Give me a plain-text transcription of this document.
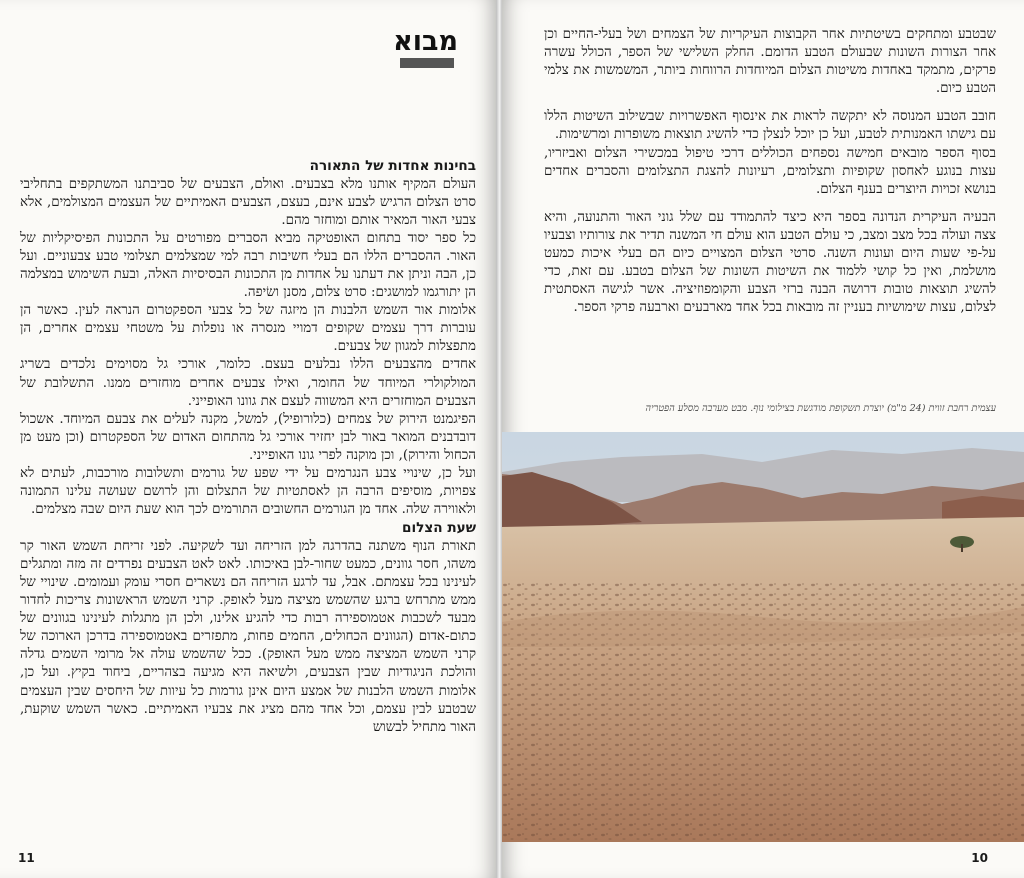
מבוא
בחינות אחדות של התאורה

העולם המקיף אותנו מלא בצבעים. ואולם, הצבעים של סביבתנו המשתקפים בתחליבי סרט הצלום הרגיש לצבע אינם, בעצם, הצבעים האמיתיים של העצמים המצולמים, אלא צבעי האור המאיר אותם ומוחזר מהם.

כל ספר יסוד בתחום האופטיקה מביא הסברים מפורטים על התכונות הפיסיקליות של האור. ההסברים הללו הם בעלי חשיבות רבה למי שמצלמים תצלומי טבע צבעוניים. ועל כן, הבה וניתן את דעתנו על אחדות מן התכונות הבסיסיות האלה, ובעת השימוש במצלמה הן יתורגמו למושגים: סרט צלום, מסנן ושׂיפה.

אלומות אור השמש הלבנות הן מיזגה של כל צבעי הספקטרום הנראה לעין. כאשר הן עוברות דרך עצמים שקופים דמויי מנסרה או נופלות על משטחי עצמים אחרים, הן מתפצלות למגוון של צבעים.

אחדים מהצבעים הללו נבלעים בעצם. כלומר, אורכי גל מסוימים נלכדים בשריג המולקולרי המיוחד של החומר, ואילו צבעים אחרים מוחזרים ממנו. התשלובת של הצבעים המוחזרים היא המשווה לעצם את גוונו האופייני.

הפיגמנט הירוק של צמחים (כלורופיל), למשל, מקנה לעלים את צבעם המיוחד. אשכול דובדבנים המואר באור לבן יחזיר אורכי גל מהתחום האדום של הספקטרום (וכן מעט מן הכחול והירוק), וכן מוקנה לפרי גונו האופייני.

ועל כן, שינויי צבע הנגרמים על ידי שפע של גורמים ותשלובות מורכבות, לעתים לא צפויות, מוסיפים הרבה הן לאסתטיות של התצלום והן לרושם שעושה עלינו התמונה ולאווירה שלה. אחד מן הגורמים החשובים התורמים לכך הוא שעת היום שבה מצלמים.

שעת הצלום

תאורת הנוף משתנה בהדרגה למן הזריחה ועד לשקיעה. לפני זריחת השמש האור קר משהו, חסר גוונים, כמעט שחור-לבן באיכותו. לאט לאט הצבעים נפרדים זה מזה ומתגלים לעינינו בכל עצמתם. אבל, עד לרגע הזריחה הם נשארים חסרי עומק ועמומים. שינויי של ממש מתרחש ברגע שהשמש מציצה מעל לאופק. קרני השמש הראשונות צריכות לחדור מבעד לשכבות אטמוספירה רבות כדי להגיע אלינו, ולכן הן מתגלות לעינינו בגוונים של כתום-אדום (הגוונים הכחולים, החמים פחות, מתפזרים באטמוספירה בדרכן הארוכה של קרני השמש המציצה ממש מעל האופק). ככל שהשמש עולה אל מרומי השמים גדלה והולכת הניגודיות שבין הצבעים, ולשיאה היא מגיעה בצהריים, ביחוד בקיץ. ועל כן, אלומות השמש הלבנות של אמצע היום אינן גורמות כל עיוות של היחסים שבין העצמים שבטבע לבין עצמם, וכל אחד מהם מציג את צבעיו האמיתיים. כאשר השמש שוקעת, האור מתחיל לבשוש

11

שבטבע ומתחקים בשיטתיות אחר הקבוצות העיקריות של הצמחים ושל בעלי-החיים וכן אחר הצורות השונות שבעולם הטבע הדומם. החלק השלישי של הספר, הכולל עשרה פרקים, מתמקד באחדות משיטות הצלום המיוחדות הרווחות ביותר, המשמשות את צלמי הטבע כיום.

חובב הטבע המנוסה לא יתקשה לראות את אינסוף האפשרויות שבשילוב השיטות הללו עם גישתו האמנותית לטבע, ועל כן יוכל לנצלן כדי להשיג תוצאות משופרות ומרשימות.

בסוף הספר מובאים חמישה נספחים הכוללים דרכי טיפול במכשירי הצלום ואביזריו, עצות בנוגע לאחסון שקופיות ותצלומים, רעיונות להצגת התצלומים והסברים אחדים בנושא זכויות היוצרים בענף הצלום.

הבעיה העיקרית הנדונה בספר היא כיצד להתמודד עם שלל גוני האור והתנועה, והיא צצה ועולה בכל מצב ומצב, כי עולם הטבע הוא עולם חי המשנה תדיר את צורותיו וצבעיו על-פי שעות היום ועונות השנה. סרטי הצלום המצויים כיום הם בעלי איכות כמעט מושלמת, ואין כל קושי ללמוד את השיטות השונות של הצלום בטבע. עם זאת, כדי להשיג תוצאות טובות דרושה הבנה ברזי הצבע והקומפוזיציה. אשר לגישה האסתטית לצלום, עצות שימושיות בעניין זה מובאות בכל אחד מארבעים וארבעה פרקי הספר.

עצמית רחבת זווית (24 מ"מ) יוצרת תשקופת מודגשת בצילומי נוף. מבט מערבה מסלע הפטריה
10
